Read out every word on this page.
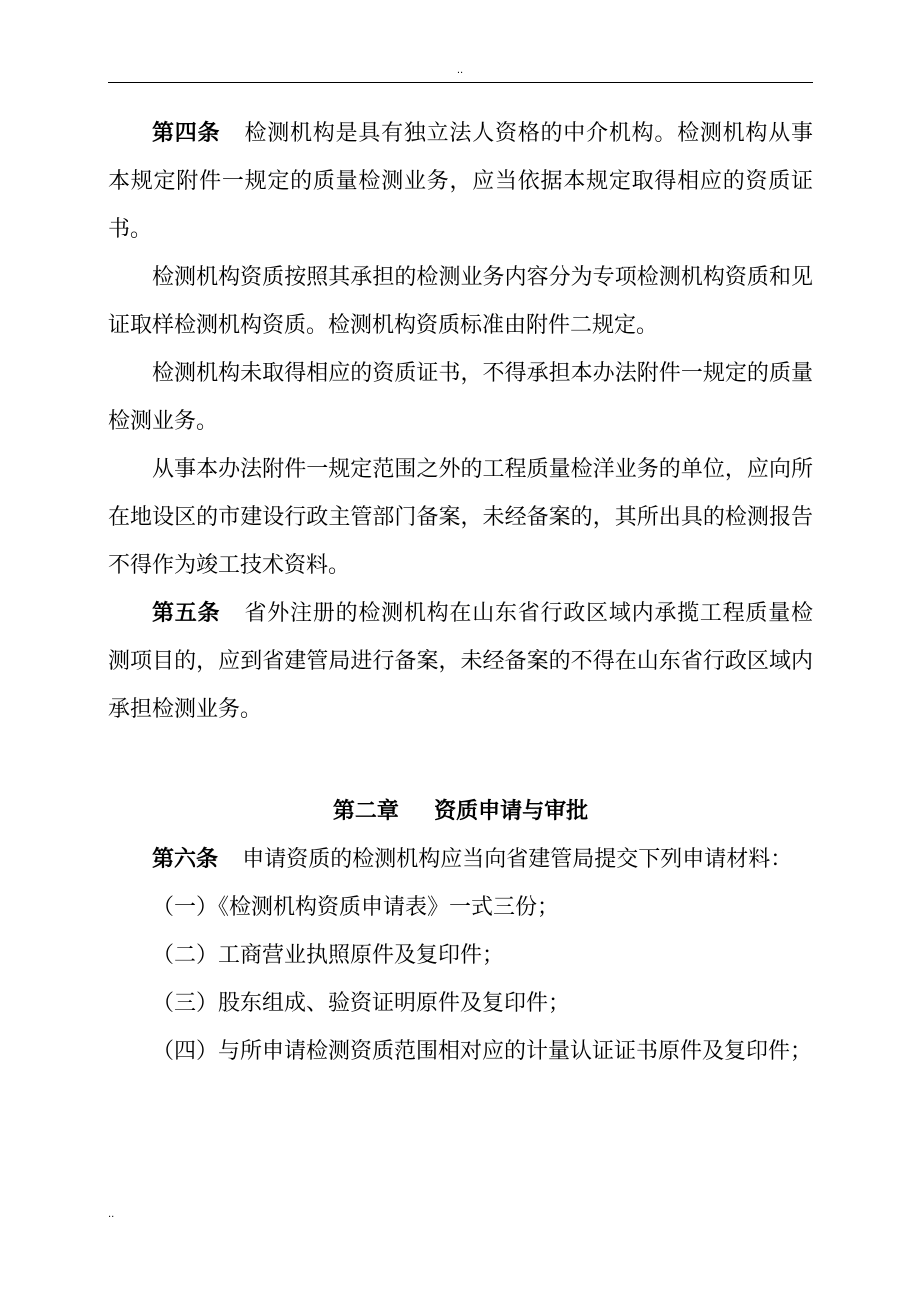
..

第四条 检测机构是具有独立法人资格的中介机构。检测机构从事本规定附件一规定的质量检测业务，应当依据本规定取得相应的资质证书。

检测机构资质按照其承担的检测业务内容分为专项检测机构资质和见证取样检测机构资质。检测机构资质标准由附件二规定。

检测机构未取得相应的资质证书，不得承担本办法附件一规定的质量检测业务。

从事本办法附件一规定范围之外的工程质量检洋业务的单位，应向所在地设区的市建设行政主管部门备案，未经备案的，其所出具的检测报告不得作为竣工技术资料。

第五条 省外注册的检测机构在山东省行政区域内承揽工程质量检测项目的，应到省建管局进行备案，未经备案的不得在山东省行政区域内承担检测业务。

第二章 资质申请与审批

第六条 申请资质的检测机构应当向省建管局提交下列申请材料：

（一）《检测机构资质申请表》一式三份；

（二）工商营业执照原件及复印件；

（三）股东组成、验资证明原件及复印件；

（四）与所申请检测资质范围相对应的计量认证证书原件及复印件；

..
